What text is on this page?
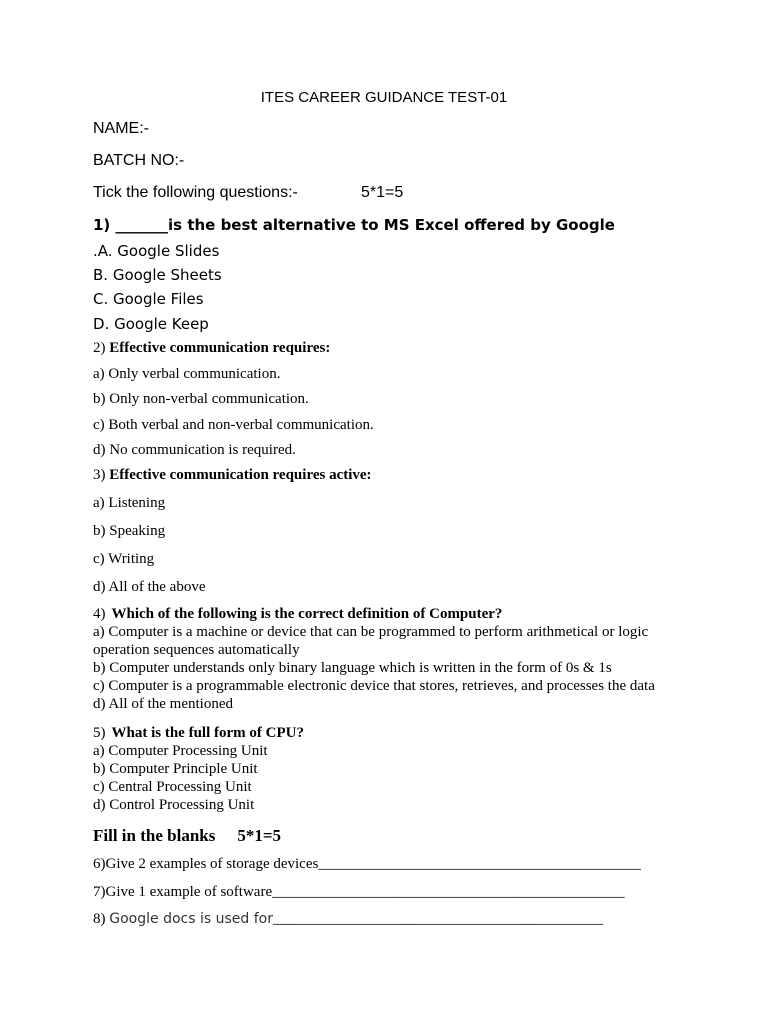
ITES CAREER GUIDANCE TEST-01
NAME:-
BATCH NO:-
Tick the following questions:-	5*1=5
1) _______is the best alternative to MS Excel offered by Google
.A. Google Slides
B. Google Sheets
C. Google Files
D. Google Keep
2) Effective communication requires:
a) Only verbal communication.
b) Only non-verbal communication.
c) Both verbal and non-verbal communication.
d) No communication is required.
3) Effective communication requires active:
a) Listening
b) Speaking
c) Writing
d) All of the above
4) Which of the following is the correct definition of Computer?
a) Computer is a machine or device that can be programmed to perform arithmetical or logic
operation sequences automatically
b) Computer understands only binary language which is written in the form of 0s & 1s
c) Computer is a programmable electronic device that stores, retrieves, and processes the data
d) All of the mentioned
5) What is the full form of CPU?
a) Computer Processing Unit
b) Computer Principle Unit
c) Central Processing Unit
d) Control Processing Unit
Fill in the blanks 5*1=5
6)Give 2 examples of storage devices___________________________________________
7)Give 1 example of software_______________________________________________
8) Google docs is used for____________________________________________
